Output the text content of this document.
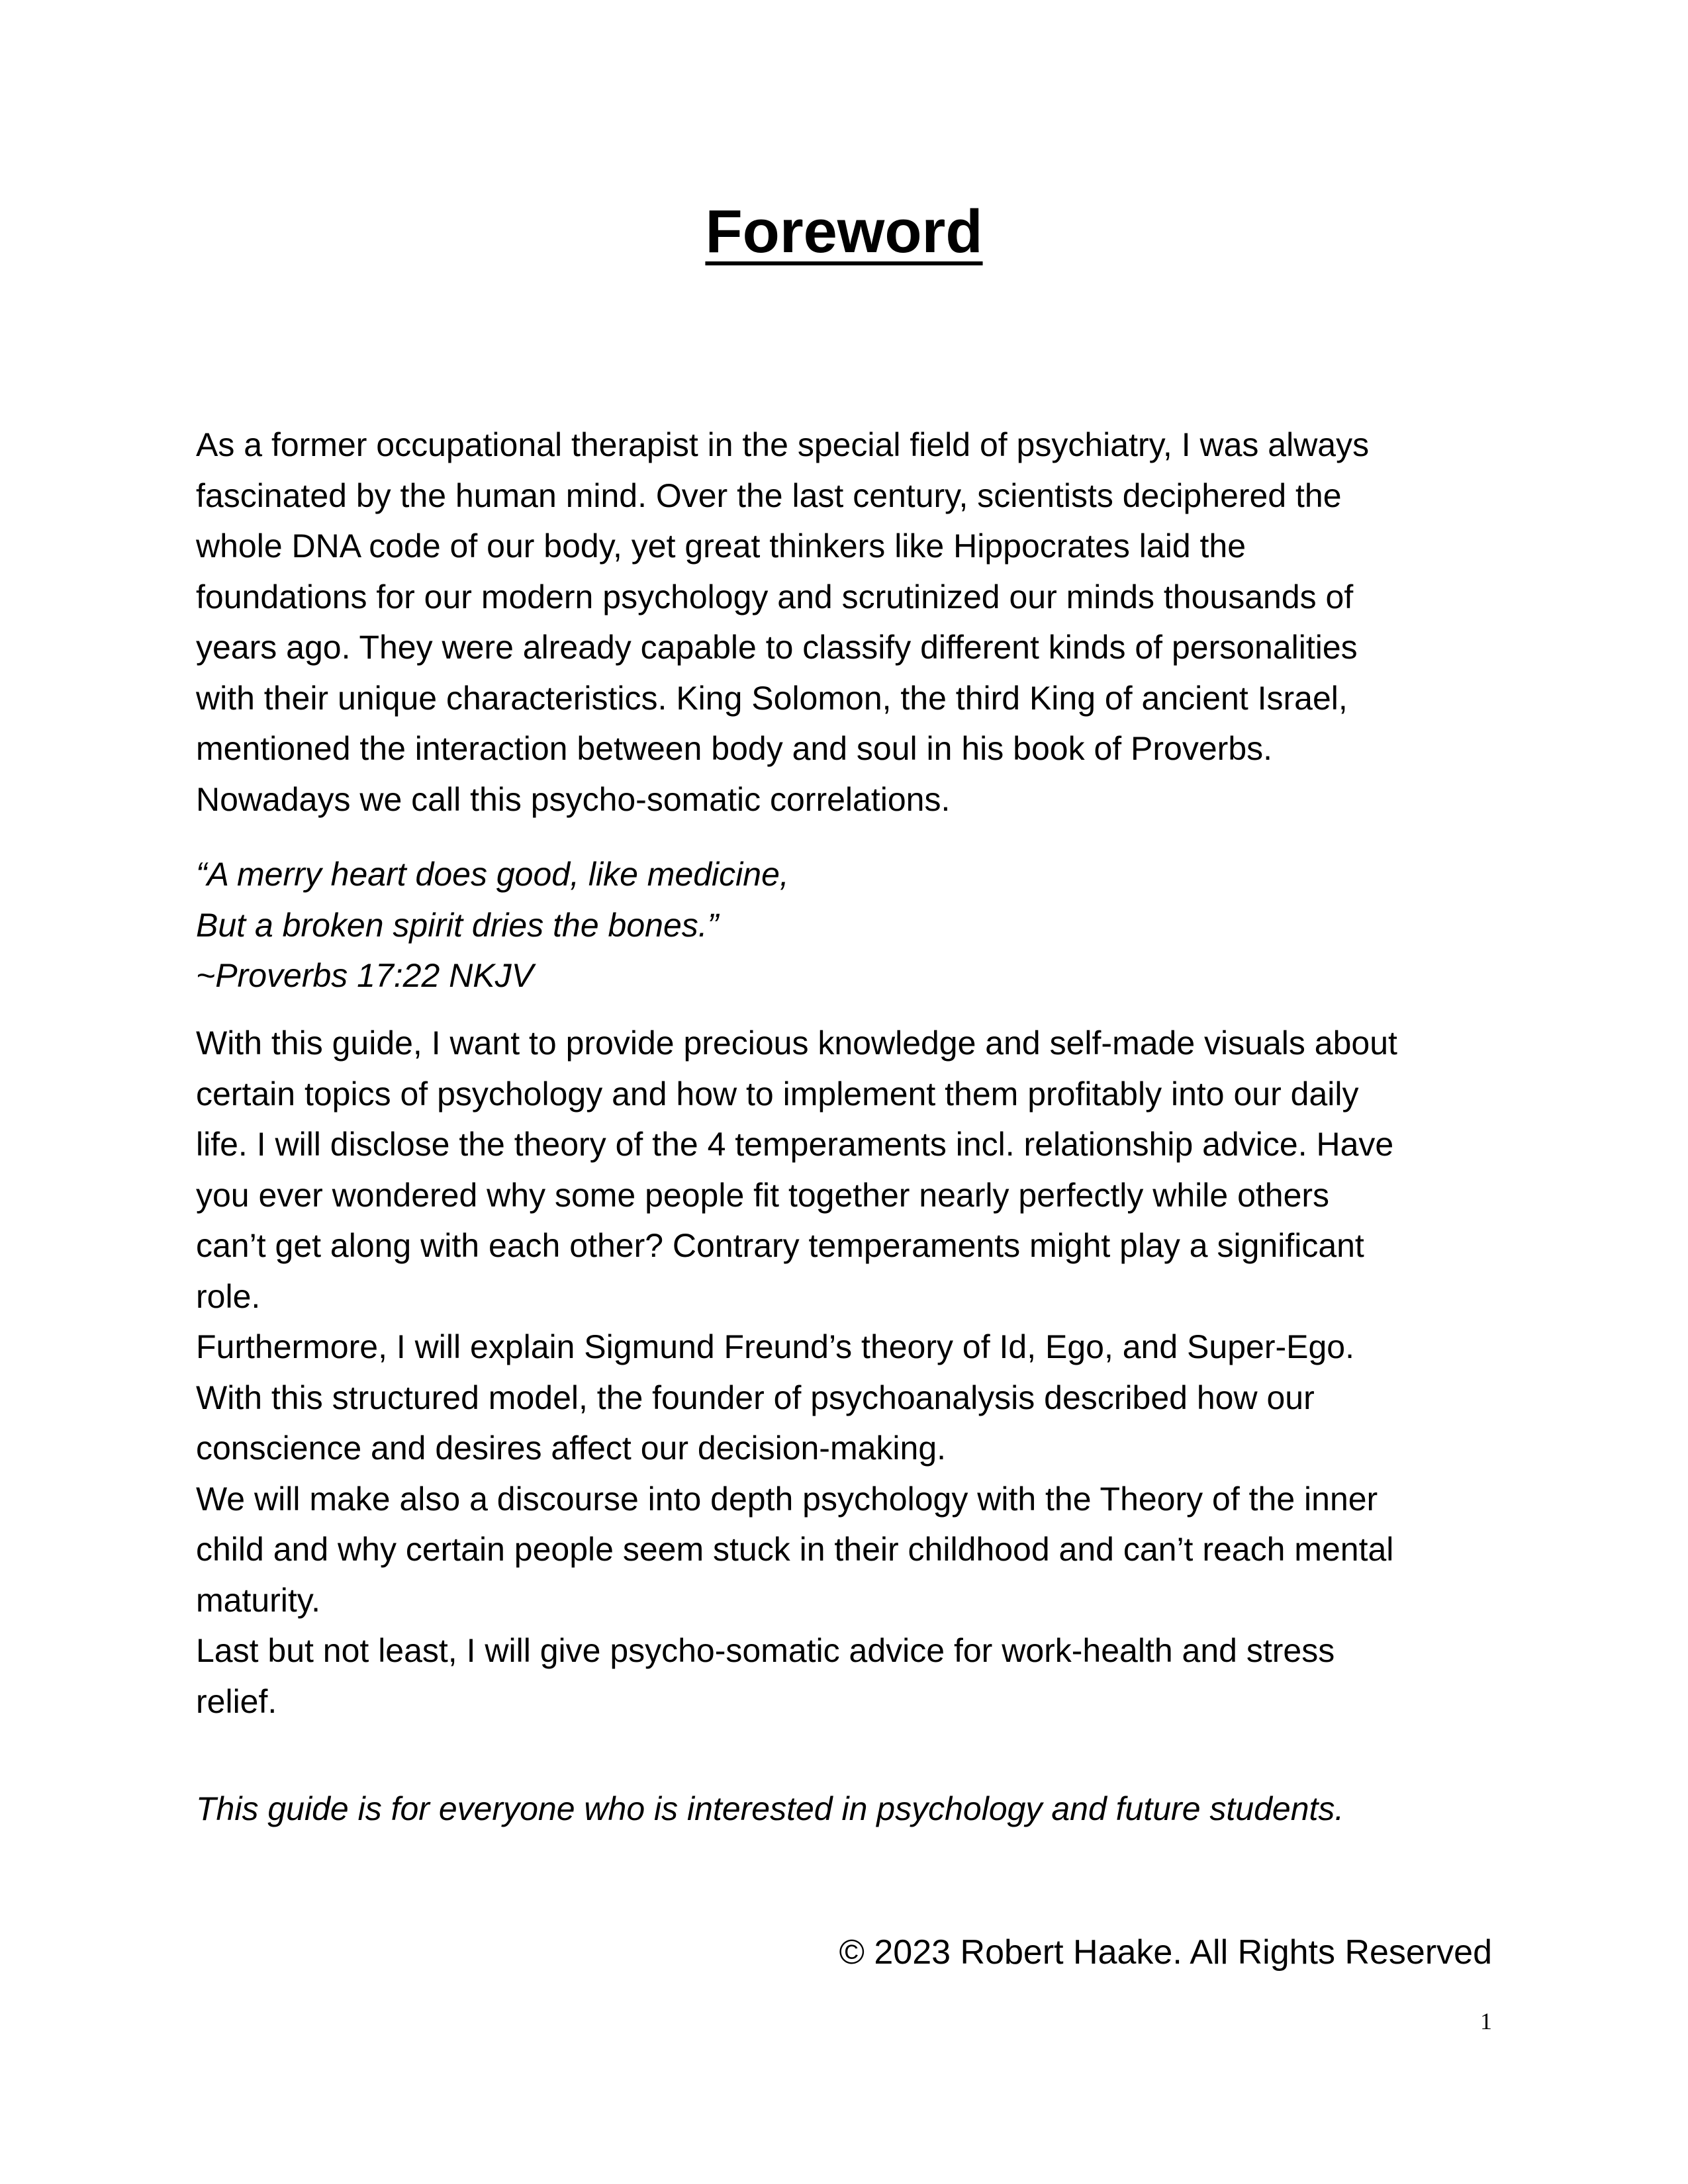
Foreword
As a former occupational therapist in the special field of psychiatry, I was always
fascinated by the human mind. Over the last century, scientists deciphered the
whole DNA code of our body, yet great thinkers like Hippocrates laid the
foundations for our modern psychology and scrutinized our minds thousands of
years ago. They were already capable to classify different kinds of personalities
with their unique characteristics. King Solomon, the third King of ancient Israel,
mentioned the interaction between body and soul in his book of Proverbs.
Nowadays we call this psycho-somatic correlations.
“A merry heart does good, like medicine,
But a broken spirit dries the bones.”
~Proverbs 17:22 NKJV
With this guide, I want to provide precious knowledge and self-made visuals about
certain topics of psychology and how to implement them profitably into our daily
life. I will disclose the theory of the 4 temperaments incl. relationship advice. Have
you ever wondered why some people fit together nearly perfectly while others
can’t get along with each other? Contrary temperaments might play a significant
role.
Furthermore, I will explain Sigmund Freund’s theory of Id, Ego, and Super-Ego.
With this structured model, the founder of psychoanalysis described how our
conscience and desires affect our decision-making.
We will make also a discourse into depth psychology with the Theory of the inner
child and why certain people seem stuck in their childhood and can’t reach mental
maturity.
Last but not least, I will give psycho-somatic advice for work-health and stress
relief.

This guide is for everyone who is interested in psychology and future students.

© 2023 Robert Haake. All Rights Reserved
1
